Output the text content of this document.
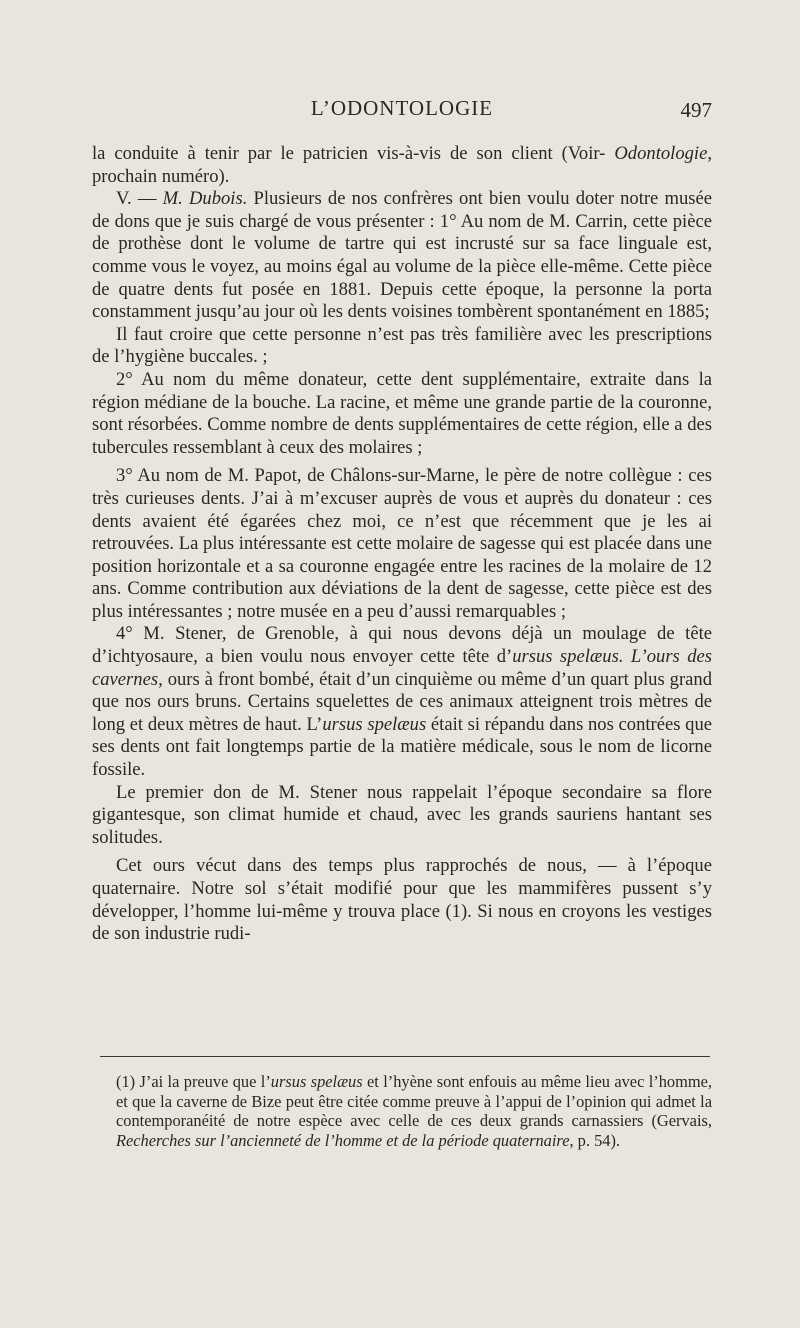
L’ODONTOLOGIE	497

la conduite à tenir par le patricien vis-à-vis de son client (Voir- Odontologie, prochain numéro).

V. — M. Dubois. Plusieurs de nos confrères ont bien voulu doter notre musée de dons que je suis chargé de vous présenter : 1° Au nom de M. Carrin, cette pièce de prothèse dont le volume de tartre qui est incrusté sur sa face linguale est, comme vous le voyez, au moins égal au volume de la pièce elle-même. Cette pièce de quatre dents fut posée en 1881. Depuis cette époque, la personne la porta constamment jusqu’au jour où les dents voisines tombèrent spontanément en 1885;

Il faut croire que cette personne n’est pas très familière avec les prescriptions de l’hygiène buccales. ;

2° Au nom du même donateur, cette dent supplémentaire, extraite dans la région médiane de la bouche. La racine, et même une grande partie de la couronne, sont résorbées. Comme nombre de dents supplémentaires de cette région, elle a des tubercules ressemblant à ceux des molaires ;

3° Au nom de M. Papot, de Châlons-sur-Marne, le père de notre collègue : ces très curieuses dents. J’ai à m’excuser auprès de vous et auprès du donateur : ces dents avaient été égarées chez moi, ce n’est que récemment que je les ai retrouvées. La plus intéressante est cette molaire de sagesse qui est placée dans une position horizontale et a sa couronne engagée entre les racines de la molaire de 12 ans. Comme contribution aux déviations de la dent de sagesse, cette pièce est des plus intéressantes ; notre musée en a peu d’aussi remarquables ;

4° M. Stener, de Grenoble, à qui nous devons déjà un moulage de tête d’ichtyosaure, a bien voulu nous envoyer cette tête d’ursus spelæus. L’ours des cavernes, ours à front bombé, était d’un cinquième ou même d’un quart plus grand que nos ours bruns. Certains squelettes de ces animaux atteignent trois mètres de long et deux mètres de haut. L’ursus spelæus était si répandu dans nos contrées que ses dents ont fait longtemps partie de la matière médicale, sous le nom de licorne fossile.

Le premier don de M. Stener nous rappelait l’époque secondaire sa flore gigantesque, son climat humide et chaud, avec les grands sauriens hantant ses solitudes.

Cet ours vécut dans des temps plus rapprochés de nous, — à l’époque quaternaire. Notre sol s’était modifié pour que les mammifères pussent s’y développer, l’homme lui-même y trouva place (1). Si nous en croyons les vestiges de son industrie rudi-

(1) J’ai la preuve que l’ursus spelæus et l’hyène sont enfouis au même lieu avec l’homme, et que la caverne de Bize peut être citée comme preuve à l’appui de l’opinion qui admet la contemporanéité de notre espèce avec celle de ces deux grands carnassiers (Gervais, Recherches sur l’ancienneté de l’homme et de la période quaternaire, p. 54).
